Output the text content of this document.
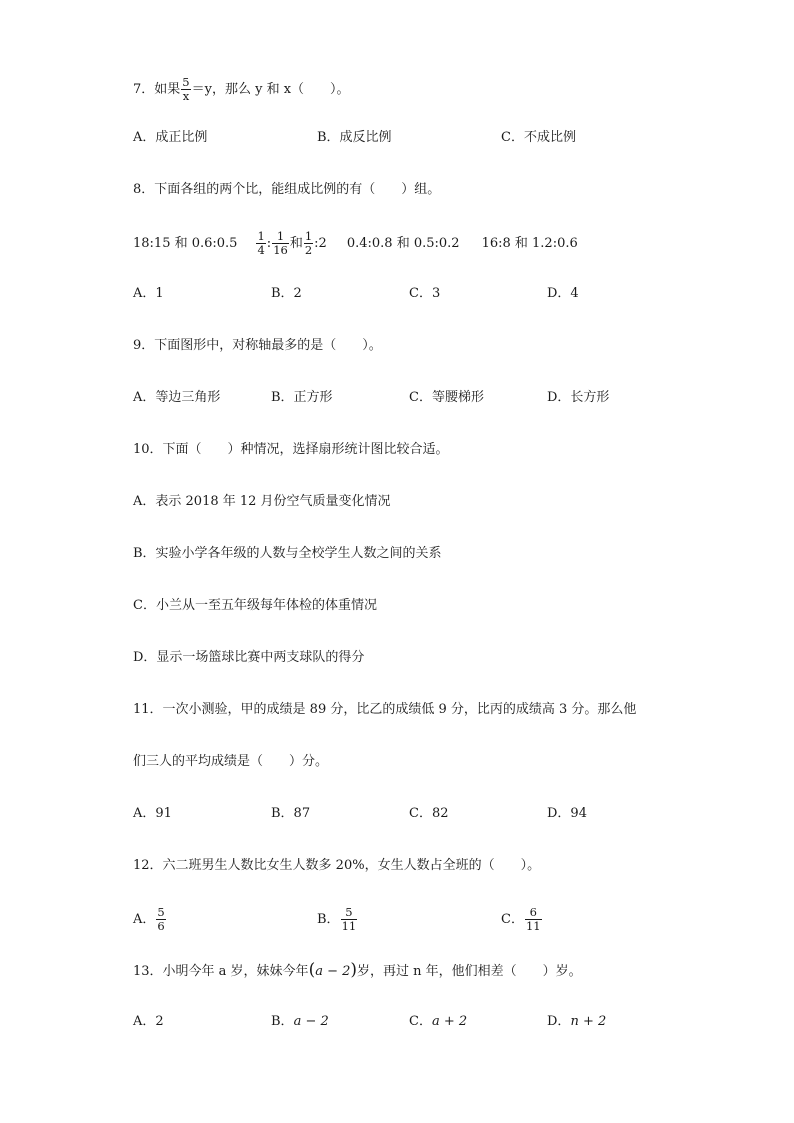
7．如果 $\frac{5}{x} =y$，那么 y 和 x（　　）。
A．成正比例	B．成反比例	C．不成比例
8．下面各组的两个比，能组成比例的有（　　）组。
18:15 和 0.6:0.5 $\frac{1}{4}$ : $\frac{1}{16}$ 和 $\frac{1}{2}$ :2 0.4:0.8 和 0.5:0.2 16:8 和 1.2:0.6
A．1	B．2	C．3	D．4
9．下面图形中，对称轴最多的是（　　）。
A．等边三角形	B．正方形	C．等腰梯形	D．长方形
10．下面（　　）种情况，选择扇形统计图比较合适。
A．表示 2018 年 12 月份空气质量变化情况
B．实验小学各年级的人数与全校学生人数之间的关系
C．小兰从一至五年级每年体检的体重情况
D．显示一场篮球比赛中两支球队的得分
11．一次小测验，甲的成绩是 89 分，比乙的成绩低 9 分，比丙的成绩高 3 分。那么他
们三人的平均成绩是（　　）分。
A．91	B．87	C．82	D．94
12．六二班男生人数比女生人数多 20%，女生人数占全班的（　　）。
A． $\frac{5}{6}$	B． $\frac{5}{11}$	C． $\frac{6}{11}$
13．小明今年 a 岁，妹妹今年(a − 2)岁，再过 n 年，他们相差（　　）岁。
A．2	B．a − 2	C．a + 2	D．n + 2
